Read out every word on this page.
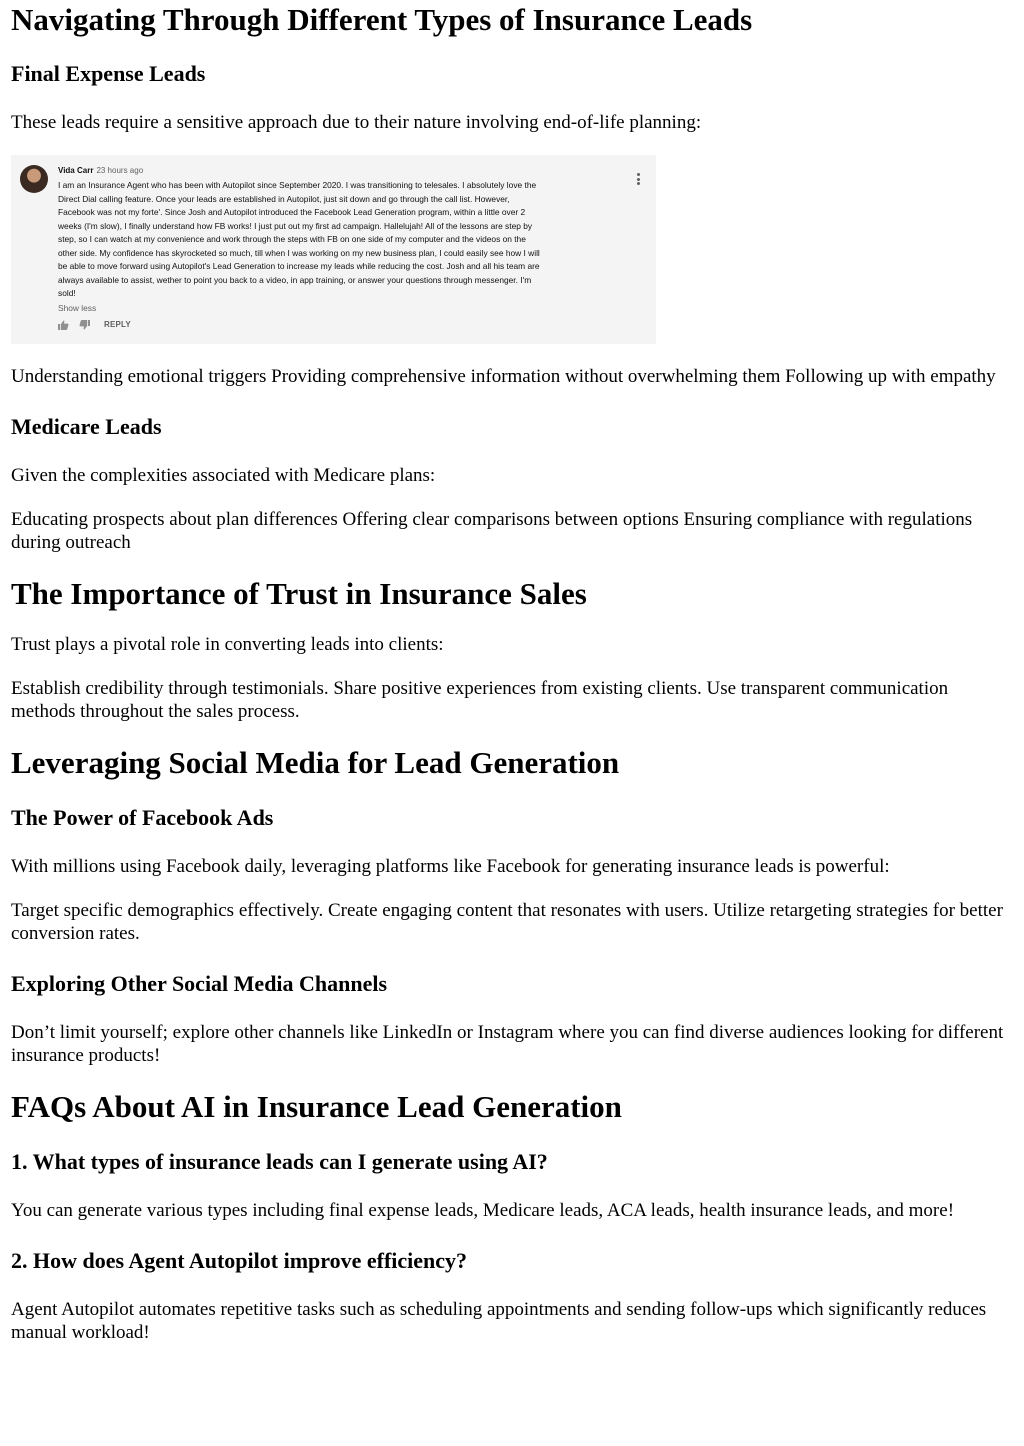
Navigating Through Different Types of Insurance Leads
Final Expense Leads

These leads require a sensitive approach due to their nature involving end-of-life planning:

Vida Carr 23 hours ago
I am an Insurance Agent who has been with Autopilot since September 2020. I was transitioning to telesales. I absolutely love the
Direct Dial calling feature. Once your leads are established in Autopilot, just sit down and go through the call list. However,
Facebook was not my forte'. Since Josh and Autopilot introduced the Facebook Lead Generation program, within a little over 2
weeks (I'm slow), I finally understand how FB works! I just put out my first ad campaign. Hallelujah! All of the lessons are step by
step, so I can watch at my convenience and work through the steps with FB on one side of my computer and the videos on the
other side. My confidence has skyrocketed so much, till when I was working on my new business plan, I could easily see how I will
be able to move forward using Autopilot's Lead Generation to increase my leads while reducing the cost. Josh and all his team are
always available to assist, wether to point you back to a video, in app training, or answer your questions through messenger. I'm
sold!
Show less
REPLY

Understanding emotional triggers Providing comprehensive information without overwhelming them Following up with empathy

Medicare Leads

Given the complexities associated with Medicare plans:

Educating prospects about plan differences Offering clear comparisons between options Ensuring compliance with regulations during outreach

The Importance of Trust in Insurance Sales

Trust plays a pivotal role in converting leads into clients:

Establish credibility through testimonials. Share positive experiences from existing clients. Use transparent communication methods throughout the sales process.

Leveraging Social Media for Lead Generation
The Power of Facebook Ads

With millions using Facebook daily, leveraging platforms like Facebook for generating insurance leads is powerful:

Target specific demographics effectively. Create engaging content that resonates with users. Utilize retargeting strategies for better conversion rates.

Exploring Other Social Media Channels

Don’t limit yourself; explore other channels like LinkedIn or Instagram where you can find diverse audiences looking for different insurance products!

FAQs About AI in Insurance Lead Generation
1. What types of insurance leads can I generate using AI?

You can generate various types including final expense leads, Medicare leads, ACA leads, health insurance leads, and more!

2. How does Agent Autopilot improve efficiency?

Agent Autopilot automates repetitive tasks such as scheduling appointments and sending follow-ups which significantly reduces manual workload!
